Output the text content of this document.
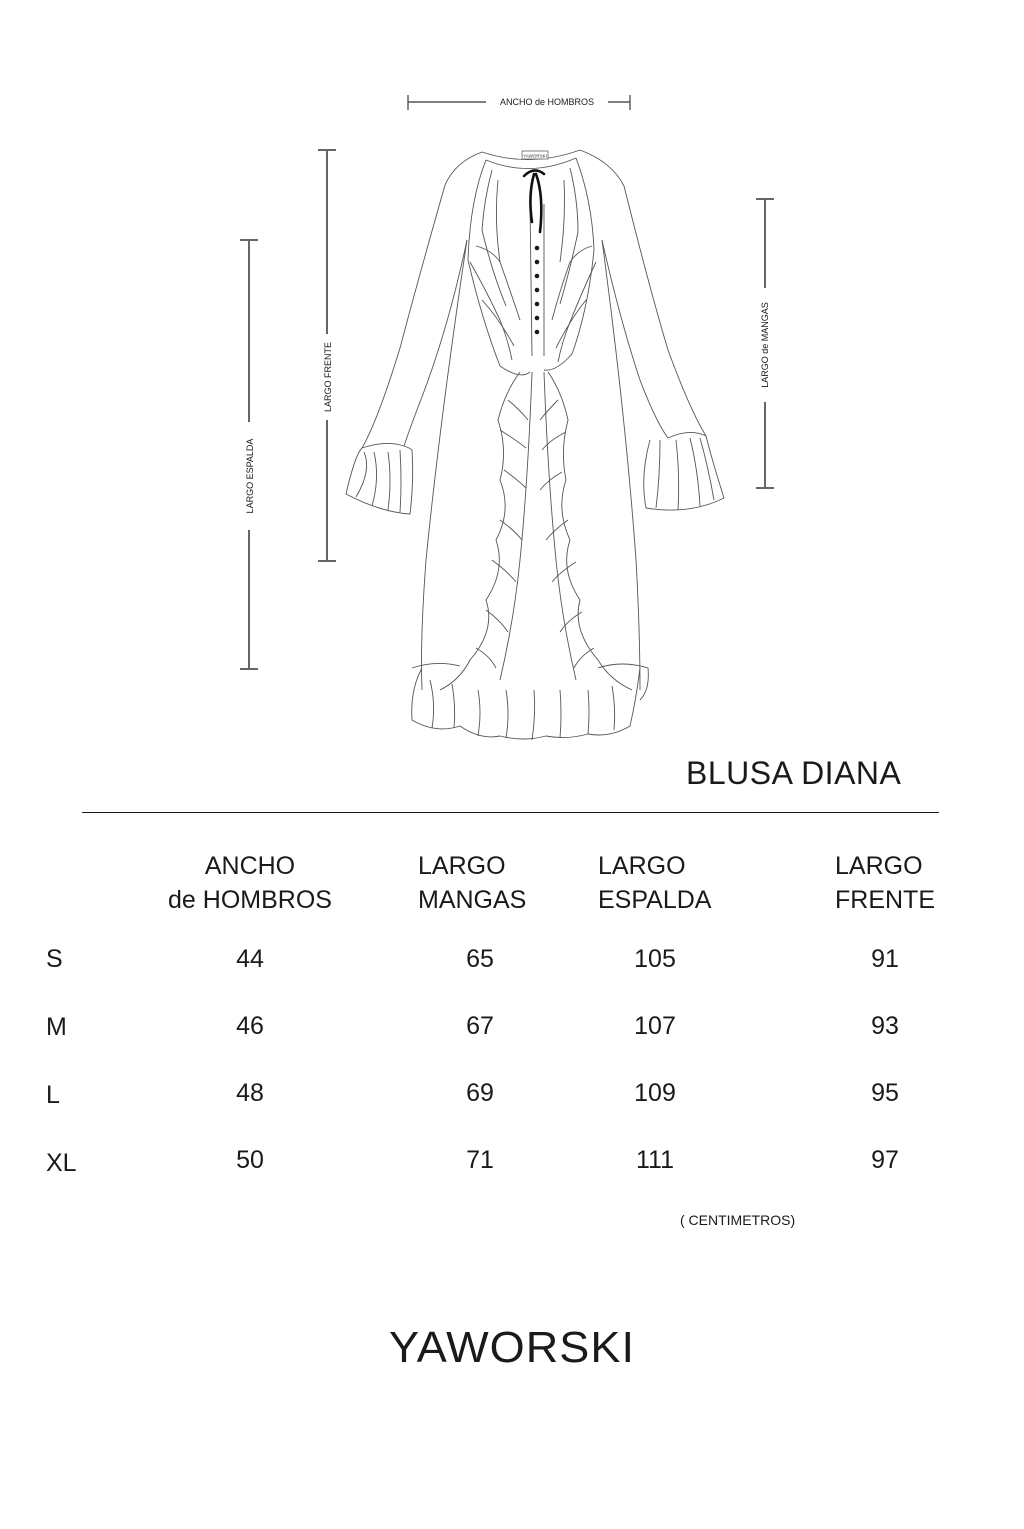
ANCHO de HOMBROS
LARGO FRENTE
LARGO ESPALDA
LARGO de MANGAS
YAWORSKI
BLUSA DIANA
ANCHO
de HOMBROS
LARGO
MANGAS
LARGO
ESPALDA
LARGO
FRENTE
S	44	65	105	91
M	46	67	107	93
L	48	69	109	95
XL	50	71	111	97
( CENTIMETROS)
YAWORSKI
